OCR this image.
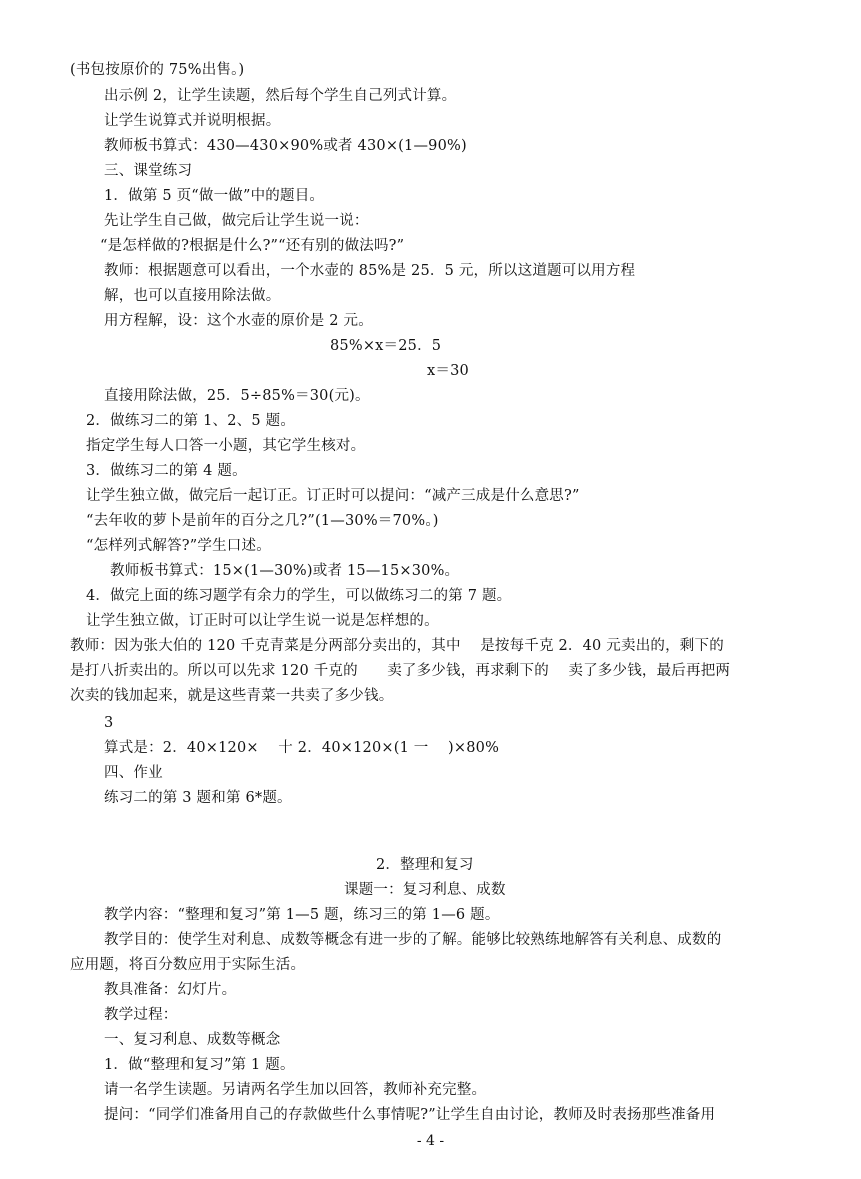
(书包按原价的 75%出售。)
出示例 2，让学生读题，然后每个学生自己列式计算。
让学生说算式并说明根据。
教师板书算式：430—430×90%或者 430×(1—90%)
三、课堂练习
1．做第 5 页“做一做”中的题目。
先让学生自己做，做完后让学生说一说：
“是怎样做的?根据是什么?”“还有别的做法吗?”
教师：根据题意可以看出，一个水壶的 85%是 25．5 元，所以这道题可以用方程
解，也可以直接用除法做。
用方程解，设：这个水壶的原价是 2 元。
85%×x＝25．5
x＝30
直接用除法做，25．5÷85%＝30(元)。
2．做练习二的第 1、2、5 题。
指定学生每人口答一小题，其它学生核对。
3．做练习二的第 4 题。
让学生独立做，做完后一起订正。订正时可以提问：“减产三成是什么意思?”
“去年收的萝卜是前年的百分之几?”(1—30%＝70%。)
“怎样列式解答?”学生口述。
教师板书算式：15×(1—30%)或者 15—15×30%。
4．做完上面的练习题学有余力的学生，可以做练习二的第 7 题。
让学生独立做，订正时可以让学生说一说是怎样想的。
教师：因为张大伯的 120 千克青菜是分两部分卖出的，其中　 是按每千克 2．40 元卖出的，剩下的
是打八折卖出的。所以可以先求 120 千克的　　卖了多少钱，再求剩下的　 卖了多少钱，最后再把两
次卖的钱加起来，就是这些青菜一共卖了多少钱。
3
算式是：2．40×120×　 十 2．40×120×(1 一　 )×80%
四、作业
练习二的第 3 题和第 6*题。
2．整理和复习
课题一：复习利息、成数
教学内容：“整理和复习”第 1—5 题，练习三的第 1—6 题。
教学目的：使学生对利息、成数等概念有进一步的了解。能够比较熟练地解答有关利息、成数的
应用题，将百分数应用于实际生活。
教具准备：幻灯片。
教学过程：
一、复习利息、成数等概念
1．做“整理和复习”第 1 题。
请一名学生读题。另请两名学生加以回答，教师补充完整。
提问：“同学们准备用自己的存款做些什么事情呢?”让学生自由讨论，教师及时表扬那些准备用
- 4 -
